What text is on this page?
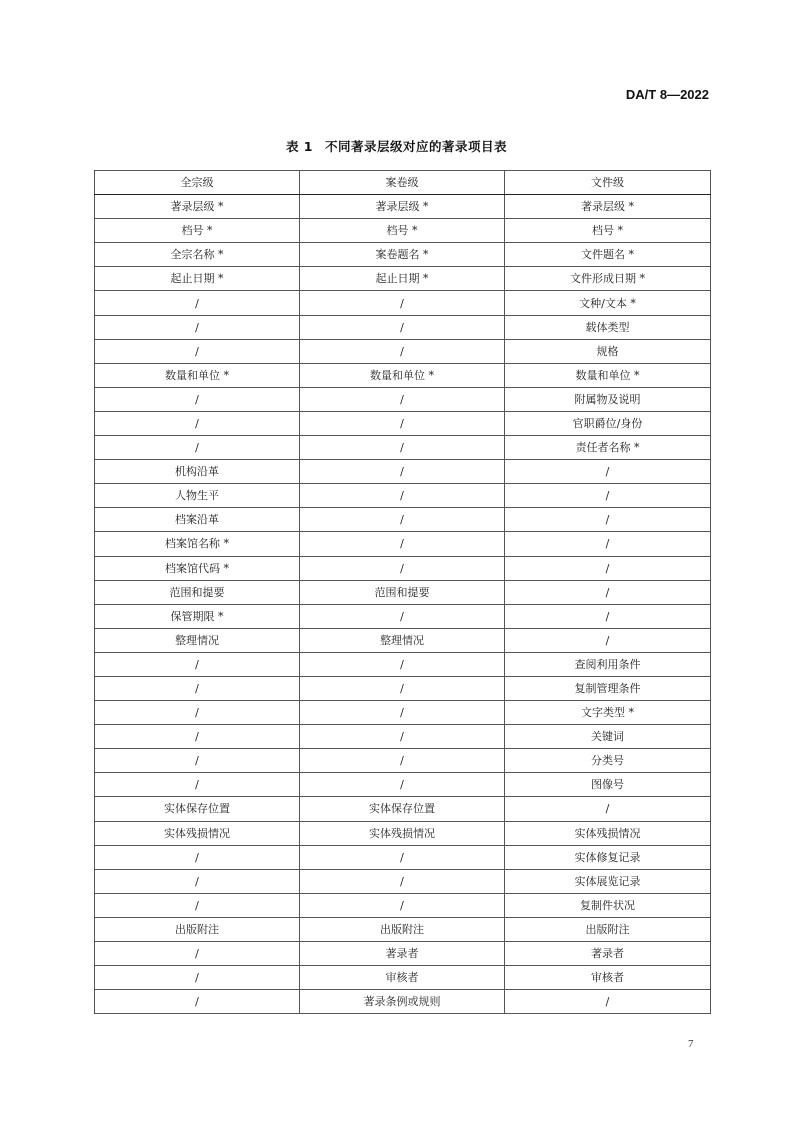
DA/T 8—2022
表 1 不同著录层级对应的著录项目表
全宗级	案卷级	文件级
著录层级 *	著录层级 *	著录层级 *
档号 *	档号 *	档号 *
全宗名称 *	案卷题名 *	文件题名 *
起止日期 *	起止日期 *	文件形成日期 *
/	/	文种/文本 *
/	/	载体类型
/	/	规格
数量和单位 *	数量和单位 *	数量和单位 *
/	/	附属物及说明
/	/	官职爵位/身份
/	/	责任者名称 *
机构沿革	/	/
人物生平	/	/
档案沿革	/	/
档案馆名称 *	/	/
档案馆代码 *	/	/
范围和提要	范围和提要	/
保管期限 *	/	/
整理情况	整理情况	/
/	/	查阅利用条件
/	/	复制管理条件
/	/	文字类型 *
/	/	关键词
/	/	分类号
/	/	图像号
实体保存位置	实体保存位置	/
实体残损情况	实体残损情况	实体残损情况
/	/	实体修复记录
/	/	实体展览记录
/	/	复制件状况
出版附注	出版附注	出版附注
/	著录者	著录者
/	审核者	审核者
/	著录条例或规则	/
7
